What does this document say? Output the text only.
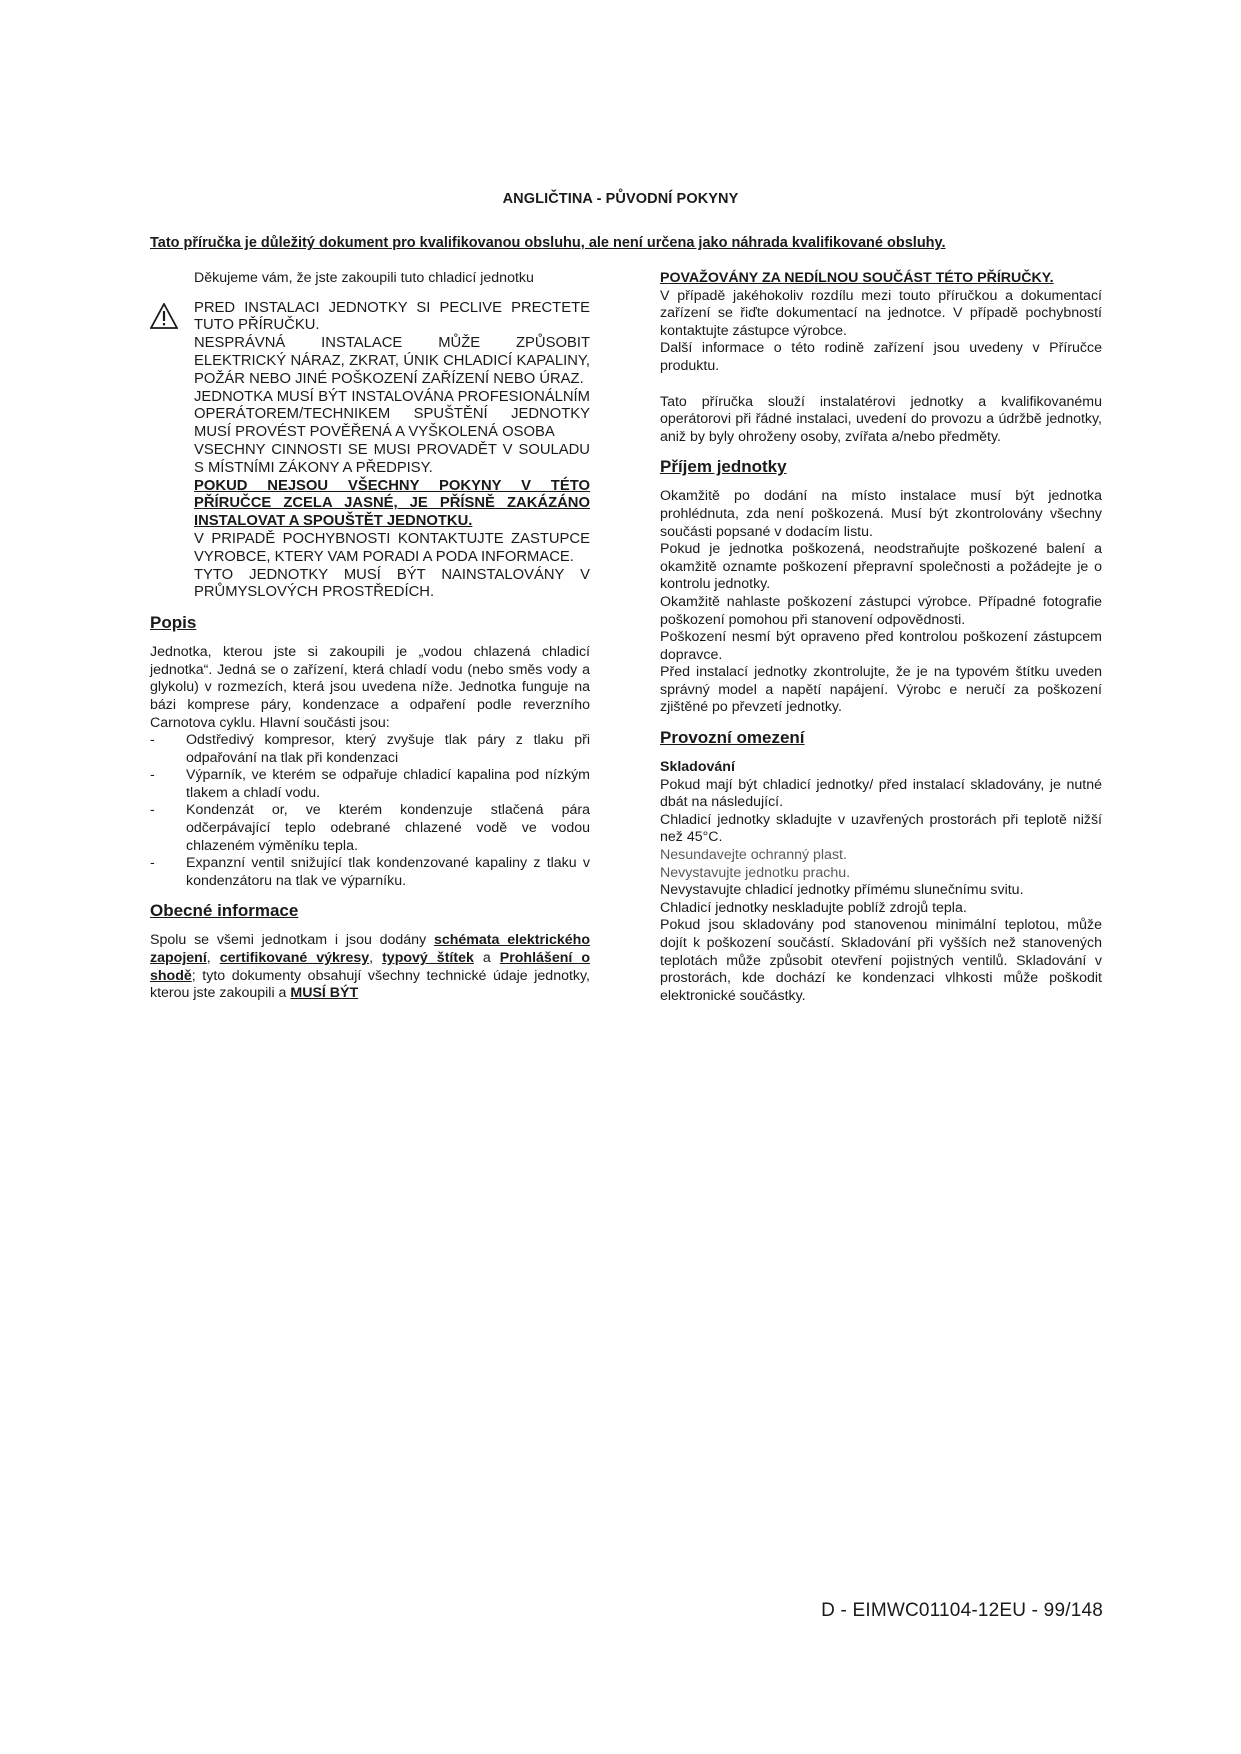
ANGLIČTINA - PŮVODNÍ POKYNY
Tato příručka je důležitý dokument pro kvalifikovanou obsluhu, ale není určena jako náhrada kvalifikované obsluhy.

Děkujeme vám, že jste zakoupili tuto chladicí jednotku

PRED INSTALACI JEDNOTKY SI PECLIVE PRECTETE TUTO PŘÍRUČKU.

NESPRÁVNÁ INSTALACE MŮŽE ZPŮSOBIT ELEKTRICKÝ NÁRAZ, ZKRAT, ÚNIK CHLADICÍ KAPALINY, POŽÁR NEBO JINÉ POŠKOZENÍ ZAŘÍZENÍ NEBO ÚRAZ.

JEDNOTKA MUSÍ BÝT INSTALOVÁNA PROFESIONÁLNÍM OPERÁTOREM/TECHNIKEM SPUŠTĚNÍ JEDNOTKY MUSÍ PROVÉST POVĚŘENÁ A VYŠKOLENÁ OSOBA

VSECHNY CINNOSTI SE MUSI PROVADĚT V SOULADU S MÍSTNÍMI ZÁKONY A PŘEDPISY.

POKUD NEJSOU VŠECHNY POKYNY V TÉTO PŘÍRUČCE ZCELA JASNÉ, JE PŘÍSNĚ ZAKÁZÁNO INSTALOVAT A SPOUŠTĚT JEDNOTKU.

V PRIPADĚ POCHYBNOSTI KONTAKTUJTE ZASTUPCE VYROBCE, KTERY VAM PORADI A PODA INFORMACE.

TYTO JEDNOTKY MUSÍ BÝT NAINSTALOVÁNY V PRŮMYSLOVÝCH PROSTŘEDÍCH.

Popis

Jednotka, kterou jste si zakoupili je „vodou chlazená chladicí jednotka“. Jedná se o zařízení, která chladí vodu (nebo směs vody a glykolu) v rozmezích, která jsou uvedena níže. Jednotka funguje na bázi komprese páry, kondenzace a odpaření podle reverzního Carnotova cyklu. Hlavní součásti jsou:

- Odstředivý kompresor, který zvyšuje tlak páry z tlaku při odpařování na tlak při kondenzaci
- Výparník, ve kterém se odpařuje chladicí kapalina pod nízkým tlakem a chladí vodu.
- Kondenzát or, ve kterém kondenzuje stlačená pára odčerpávající teplo odebrané chlazené vodě ve vodou chlazeném výměníku tepla.
- Expanzní ventil snižující tlak kondenzované kapaliny z tlaku v kondenzátoru na tlak ve výparníku.
Obecné informace

Spolu se všemi jednotkam i jsou dodány schémata elektrického zapojení, certifikované výkresy, typový štítek a Prohlášení o shodě; tyto dokumenty obsahují všechny technické údaje jednotky, kterou jste zakoupili a MUSÍ BÝT

POVAŽOVÁNY ZA NEDÍLNOU SOUČÁST TÉTO PŘÍRUČKY.

V případě jakéhokoliv rozdílu mezi touto příručkou a dokumentací zařízení se řiďte dokumentací na jednotce. V případě pochybností kontaktujte zástupce výrobce.

Další informace o této rodině zařízení jsou uvedeny v Příručce produktu.

Tato příručka slouží instalatérovi jednotky a kvalifikovanému operátorovi při řádné instalaci, uvedení do provozu a údržbě jednotky, aniž by byly ohroženy osoby, zvířata a/nebo předměty.

Příjem jednotky

Okamžitě po dodání na místo instalace musí být jednotka prohlédnuta, zda není poškozená. Musí být zkontrolovány všechny součásti popsané v dodacím listu.

Pokud je jednotka poškozená, neodstraňujte poškozené balení a okamžitě oznamte poškození přepravní společnosti a požádejte je o kontrolu jednotky.

Okamžitě nahlaste poškození zástupci výrobce. Případné fotografie poškození pomohou při stanovení odpovědnosti.

Poškození nesmí být opraveno před kontrolou poškození zástupcem dopravce.

Před instalací jednotky zkontrolujte, že je na typovém štítku uveden správný model a napětí napájení. Výrobc e neručí za poškození zjištěné po převzetí jednotky.

Provozní omezení
Skladování

Pokud mají být chladicí jednotky/ před instalací skladovány, je nutné dbát na následující.

Chladicí jednotky skladujte v uzavřených prostorách při teplotě nižší než 45°C.

Nesundavejte ochranný plast.

Nevystavujte jednotku prachu.

Nevystavujte chladicí jednotky přímému slunečnímu svitu.

Chladicí jednotky neskladujte poblíž zdrojů tepla.

Pokud jsou skladovány pod stanovenou minimální teplotou, může dojít k poškození součástí. Skladování při vyšších než stanovených teplotách může způsobit otevření pojistných ventilů. Skladování v prostorách, kde dochází ke kondenzaci vlhkosti může poškodit elektronické součástky.

D - EIMWC01104-12EU - 99/148
